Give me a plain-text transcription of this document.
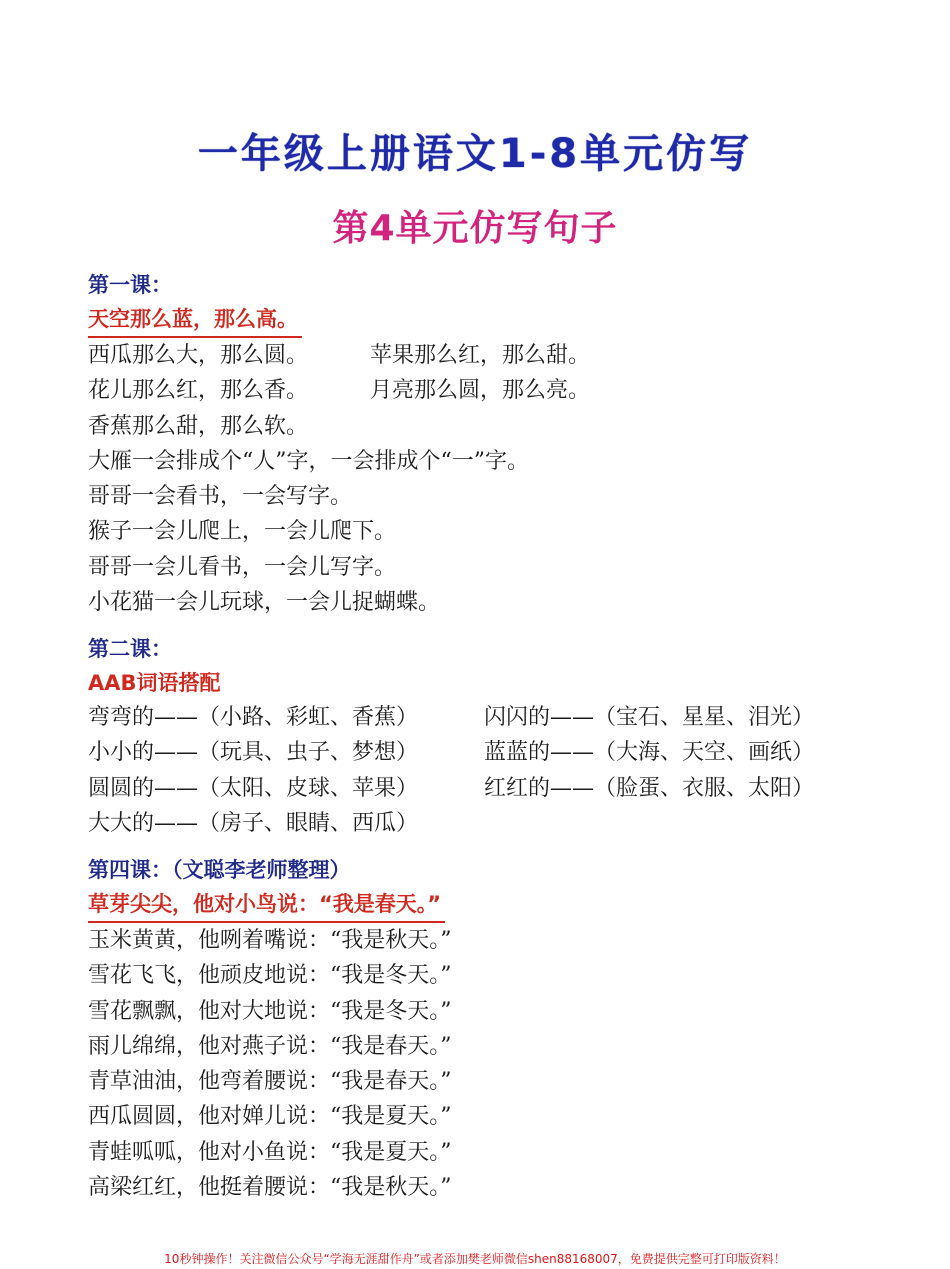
一年级上册语文1-8单元仿写
第4单元仿写句子
第一课：
天空那么蓝，那么高。
西瓜那么大，那么圆。	苹果那么红，那么甜。
花儿那么红，那么香。	月亮那么圆，那么亮。
香蕉那么甜，那么软。
大雁一会排成个“人”字，一会排成个“一”字。
哥哥一会看书，一会写字。
猴子一会儿爬上，一会儿爬下。
哥哥一会儿看书，一会儿写字。
小花猫一会儿玩球，一会儿捉蝴蝶。
第二课：
AAB词语搭配
弯弯的——（小路、彩虹、香蕉）	闪闪的——（宝石、星星、泪光）
小小的——（玩具、虫子、梦想）	蓝蓝的——（大海、天空、画纸）
圆圆的——（太阳、皮球、苹果）	红红的——（脸蛋、衣服、太阳）
大大的——（房子、眼睛、西瓜）
第四课：（文聪李老师整理）
草芽尖尖，他对小鸟说：“我是春天。”
玉米黄黄，他咧着嘴说：“我是秋天。”
雪花飞飞，他顽皮地说：“我是冬天。”
雪花飘飘，他对大地说：“我是冬天。”
雨儿绵绵，他对燕子说：“我是春天。”
青草油油，他弯着腰说：“我是春天。”
西瓜圆圆，他对婵儿说：“我是夏天。”
青蛙呱呱，他对小鱼说：“我是夏天。”
高梁红红，他挺着腰说：“我是秋天。”
10秒钟操作！关注微信公众号“学海无涯甜作舟”或者添加樊老师微信shen88168007，免费提供完整可打印版资料！
